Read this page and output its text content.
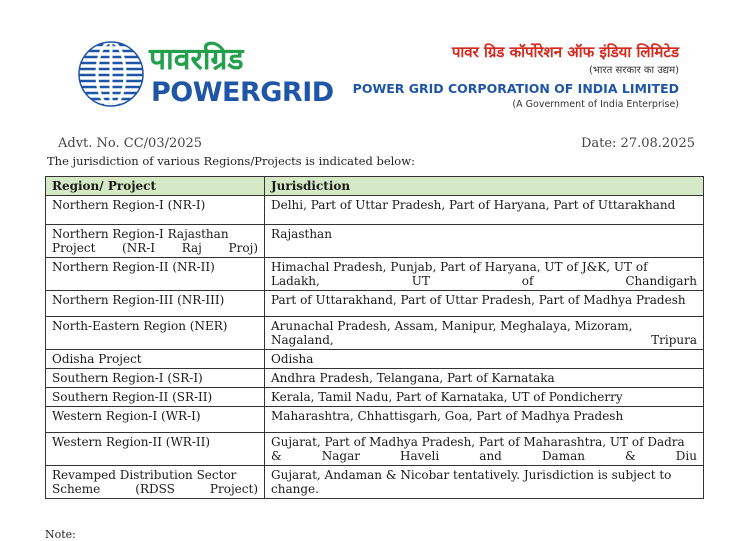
पावरग्रिड
POWERGRID
पावर ग्रिड कॉर्पोरेशन ऑफ इंडिया लिमिटेड
(भारत सरकार का उद्यम)
POWER GRID CORPORATION OF INDIA LIMITED
(A Government of India Enterprise)
Advt. No. CC/03/2025	Date: 27.08.2025
The jurisdiction of various Regions/Projects is indicated below:
Region/ Project	Jurisdiction
Northern Region-I (NR-I)	Delhi, Part of Uttar Pradesh, Part of Haryana, Part of Uttarakhand
Northern Region-I Rajasthan Project (NR-I Raj Proj)	Rajasthan
Northern Region-II (NR-II)	Himachal Pradesh, Punjab, Part of Haryana, UT of J&K, UT of Ladakh, UT of Chandigarh
Northern Region-III (NR-III)	Part of Uttarakhand, Part of Uttar Pradesh, Part of Madhya Pradesh
North-Eastern Region (NER)	Arunachal Pradesh, Assam, Manipur, Meghalaya, Mizoram, Nagaland, Tripura
Odisha Project	Odisha
Southern Region-I (SR-I)	Andhra Pradesh, Telangana, Part of Karnataka
Southern Region-II (SR-II)	Kerala, Tamil Nadu, Part of Karnataka, UT of Pondicherry
Western Region-I (WR-I)	Maharashtra, Chhattisgarh, Goa, Part of Madhya Pradesh
Western Region-II (WR-II)	Gujarat, Part of Madhya Pradesh, Part of Maharashtra, UT of Dadra & Nagar Haveli and Daman & Diu
Revamped Distribution Sector Scheme (RDSS Project)	Gujarat, Andaman & Nicobar tentatively. Jurisdiction is subject to change.
Note:
